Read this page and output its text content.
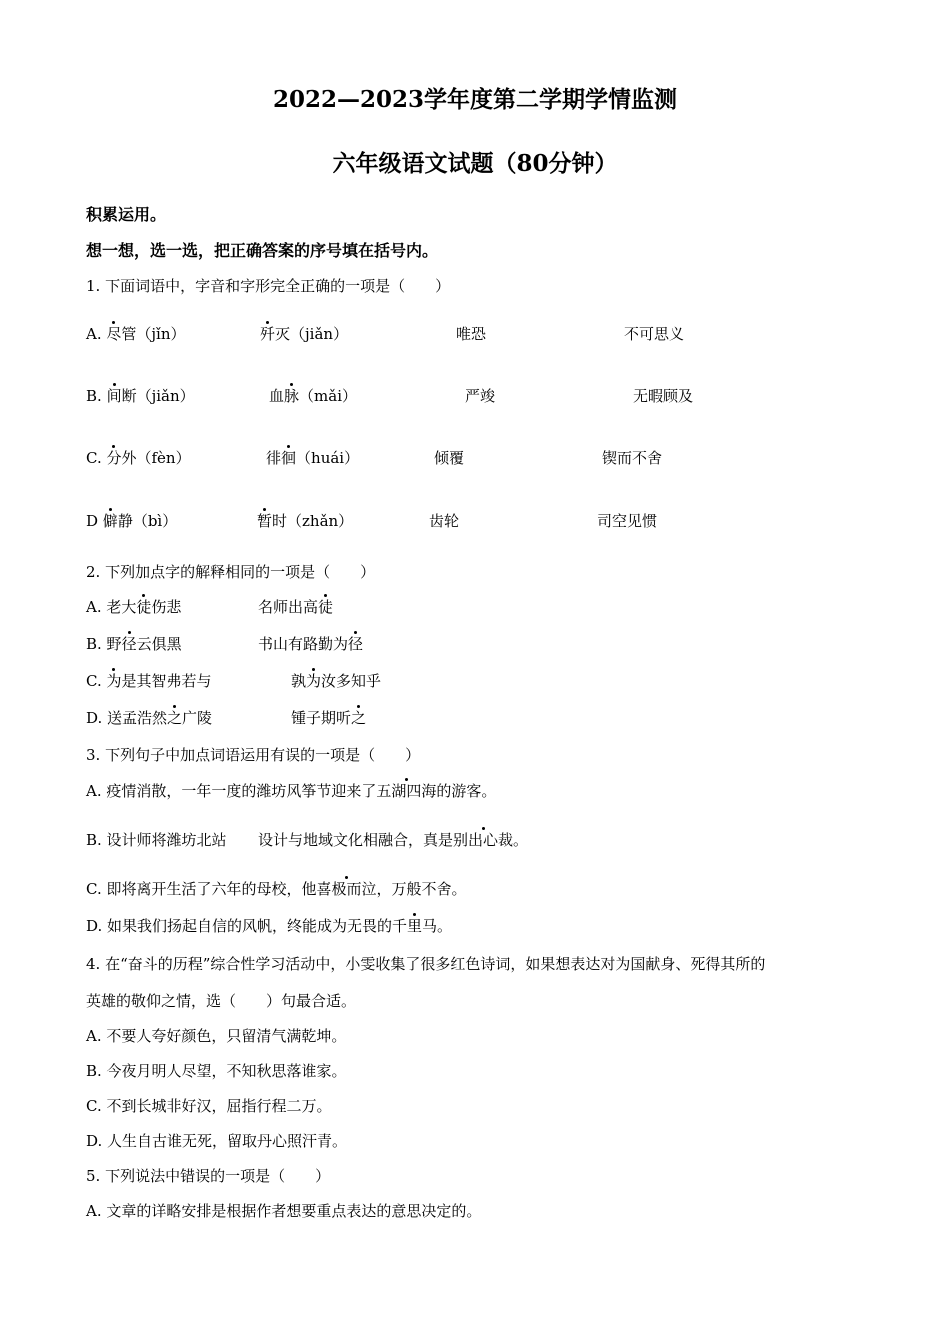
2022—2023学年度第二学期学情监测
六年级语文试题（80分钟）
积累运用。
想一想，选一选，把正确答案的序号填在括号内。
1. 下面词语中，字音和字形完全正确的一项是（　　）
A. 尽管（jǐn）	歼灭（jiǎn）	唯恐	不可思义
B. 间断（jiǎn）	血脉（mǎi）	严竣	无暇顾及
C. 分外（fèn）	徘徊（huái）	倾覆	锲而不舍
D 僻静（bì）	暂时（zhǎn）	齿轮	司空见惯
2. 下列加点字的解释相同的一项是（　　）
A. 老大徒伤悲	名师出高徒
B. 野径云俱黑	书山有路勤为径
C. 为是其智弗若与	孰为汝多知乎
D. 送孟浩然之广陵	锺子期听之
3. 下列句子中加点词语运用有误的一项是（　　）
A. 疫情消散，一年一度的潍坊风筝节迎来了五湖四海的游客。
B. 设计师将潍坊北站 设计与地域文化相融合，真是别出心裁。
C. 即将离开生活了六年的母校，他喜极而泣，万般不舍。
D. 如果我们扬起自信的风帆，终能成为无畏的千里马。
4. 在“奋斗的历程”综合性学习活动中，小雯收集了很多红色诗词，如果想表达对为国献身、死得其所的
英雄的敬仰之情，选（　　）句最合适。
A. 不要人夸好颜色，只留清气满乾坤。
B. 今夜月明人尽望，不知秋思落谁家。
C. 不到长城非好汉，屈指行程二万。
D. 人生自古谁无死，留取丹心照汗青。
5. 下列说法中错误的一项是（　　）
A. 文章的详略安排是根据作者想要重点表达的意思决定的。
